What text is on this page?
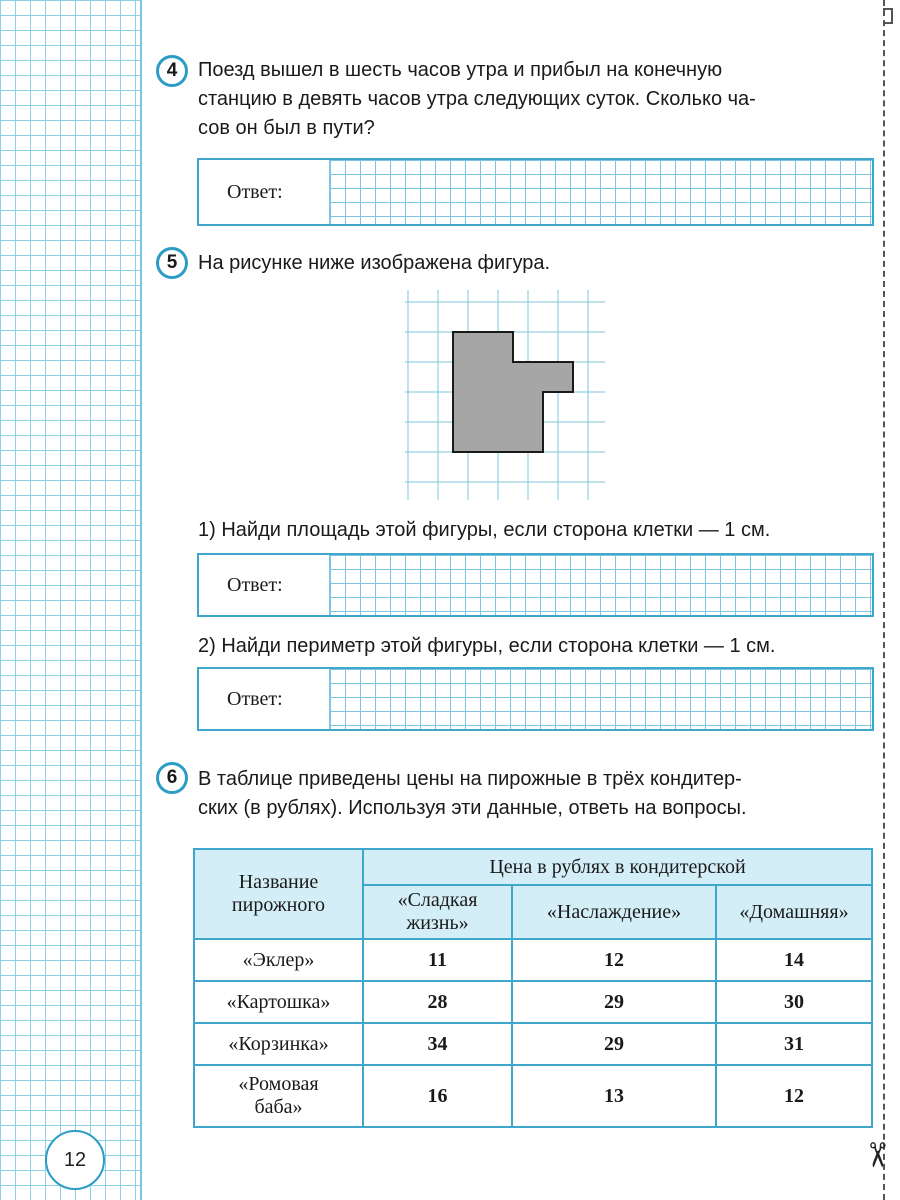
✂
4 Поезд вышел в шесть часов утра и прибыл на конечную
станцию в девять часов утра следующих суток. Сколько ча-
сов он был в пути?
Ответ:
5 На рисунке ниже изображена фигура.
1) Найди площадь этой фигуры, если сторона клетки — 1 см.
Ответ:
2) Найди периметр этой фигуры, если сторона клетки — 1 см.
Ответ:
6 В таблице приведены цены на пирожные в трёх кондитер-
ских (в рублях). Используя эти данные, ответь на вопросы.
Название пирожного	Цена в рублях в кондитерской		
	«Сладкая жизнь»	«Наслаждение»	«Домашняя»
«Эклер»	11	12	14
«Картошка»	28	29	30
«Корзинка»	34	29	31
«Ромовая баба»	16	13	12
12
